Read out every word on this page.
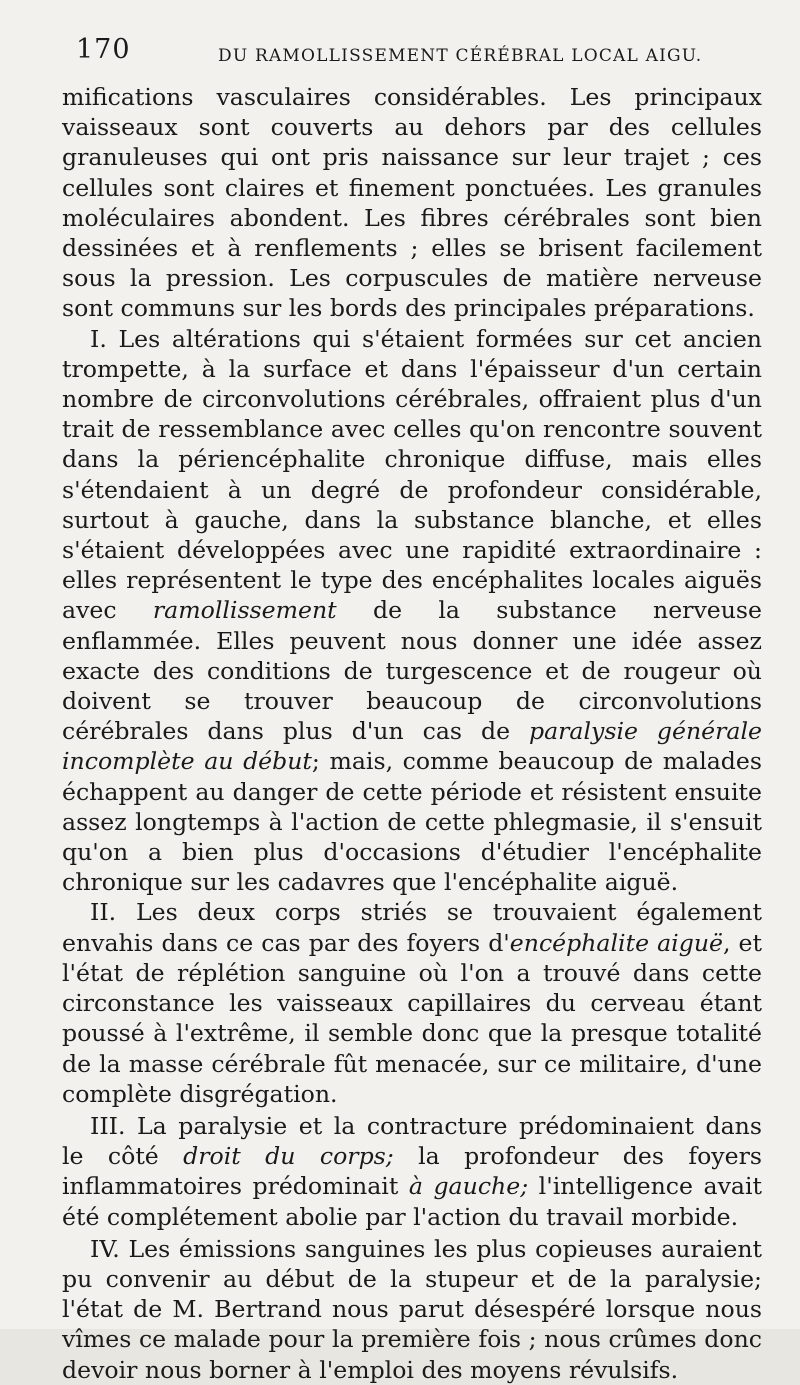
170	DU RAMOLLISSEMENT CÉRÉBRAL LOCAL AIGU.

mifications vasculaires considérables. Les principaux vaisseaux sont couverts au dehors par des cellules granuleuses qui ont pris naissance sur leur trajet ; ces cellules sont claires et finement ponctuées. Les granules moléculaires abondent. Les fibres cérébrales sont bien dessinées et à renflements ; elles se brisent facilement sous la pression. Les corpuscules de matière nerveuse sont communs sur les bords des principales préparations.

I. Les altérations qui s'étaient formées sur cet ancien trompette, à la surface et dans l'épaisseur d'un certain nombre de circonvolutions cérébrales, offraient plus d'un trait de ressemblance avec celles qu'on rencontre souvent dans la périencéphalite chronique diffuse, mais elles s'étendaient à un degré de profondeur considérable, surtout à gauche, dans la substance blanche, et elles s'étaient développées avec une rapidité extraordinaire : elles représentent le type des encéphalites locales aiguës avec ramollissement de la substance nerveuse enflammée. Elles peuvent nous donner une idée assez exacte des conditions de turgescence et de rougeur où doivent se trouver beaucoup de circonvolutions cérébrales dans plus d'un cas de paralysie générale incomplète au début; mais, comme beaucoup de malades échappent au danger de cette période et résistent ensuite assez longtemps à l'action de cette phlegmasie, il s'ensuit qu'on a bien plus d'occasions d'étudier l'encéphalite chronique sur les cadavres que l'encéphalite aiguë.

II. Les deux corps striés se trouvaient également envahis dans ce cas par des foyers d'encéphalite aiguë, et l'état de réplétion sanguine où l'on a trouvé dans cette circonstance les vaisseaux capillaires du cerveau étant poussé à l'extrême, il semble donc que la presque totalité de la masse cérébrale fût menacée, sur ce militaire, d'une complète disgrégation.

III. La paralysie et la contracture prédominaient dans le côté droit du corps; la profondeur des foyers inflammatoires prédominait à gauche; l'intelligence avait été complétement abolie par l'action du travail morbide.

IV. Les émissions sanguines les plus copieuses auraient pu convenir au début de la stupeur et de la paralysie; l'état de M. Bertrand nous parut désespéré lorsque nous vîmes ce malade pour la première fois ; nous crûmes donc devoir nous borner à l'emploi des moyens révulsifs.
